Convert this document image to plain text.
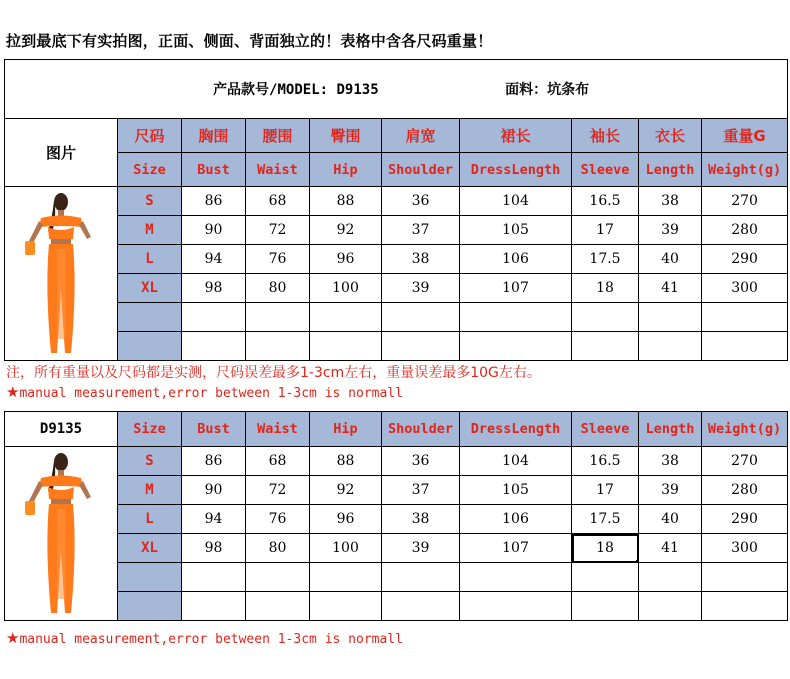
拉到最底下有实拍图，正面、侧面、背面独立的！表格中含各尺码重量！
产品款号/MODEL: D9135 面料：坑条布										
图片	尺码	胸围	腰围	臀围	肩宽	裙长	袖长	衣长	重量G	
	Size	Bust	Waist	Hip	Shoulder	DressLength	Sleeve	Length	Weight(g)	

	S	86	68	88	36	104	16.5	38	270	
	M	90	72	92	37	105	17	39	280	
	L	94	76	96	38	106	17.5	40	290	
	XL	98	80	100	39	107	18	41	300	

注，所有重量以及尺码都是实测，尺码误差最多1-3cm左右，重量误差最多10G左右。
★manual measurement,error between 1-3cm is normall
D9135	Size	Bust	Waist	Hip	Shoulder	DressLength	Sleeve	Length	Weight(g)	

	S	86	68	88	36	104	16.5	38	270	
	M	90	72	92	37	105	17	39	280	
	L	94	76	96	38	106	17.5	40	290	
	XL	98	80	100	39	107	18	41	300	

★manual measurement,error between 1-3cm is normall
